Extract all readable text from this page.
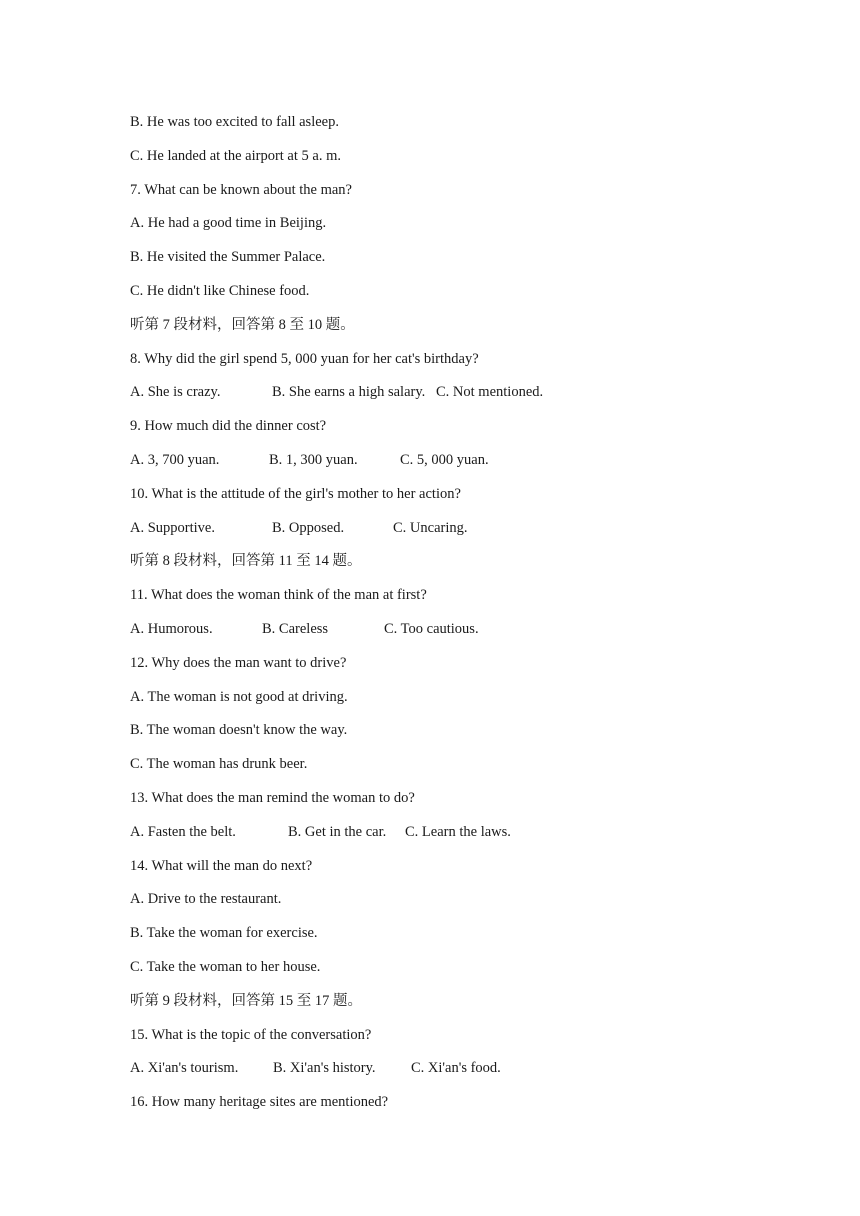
B. He was too excited to fall asleep.
C. He landed at the airport at 5 a. m.
7. What can be known about the man?
A. He had a good time in Beijing.
B. He visited the Summer Palace.
C. He didn't like Chinese food.
听第 7 段材料，回答第 8 至 10 题。
8. Why did the girl spend 5, 000 yuan for her cat's birthday?
A. She is crazy.	B. She earns a high salary. C. Not mentioned.
9. How much did the dinner cost?
A. 3, 700 yuan.	B. 1, 300 yuan.	C. 5, 000 yuan.
10. What is the attitude of the girl's mother to her action?
A. Supportive.	B. Opposed.	C. Uncaring.
听第 8 段材料，回答第 11 至 14 题。
11. What does the woman think of the man at first?
A. Humorous.	B. Careless	C. Too cautious.
12. Why does the man want to drive?
A. The woman is not good at driving.
B. The woman doesn't know the way.
C. The woman has drunk beer.
13. What does the man remind the woman to do?
A. Fasten the belt.	B. Get in the car.	C. Learn the laws.
14. What will the man do next?
A. Drive to the restaurant.
B. Take the woman for exercise.
C. Take the woman to her house.
听第 9 段材料，回答第 15 至 17 题。
15. What is the topic of the conversation?
A. Xi'an's tourism.	B. Xi'an's history.	C. Xi'an's food.
16. How many heritage sites are mentioned?
